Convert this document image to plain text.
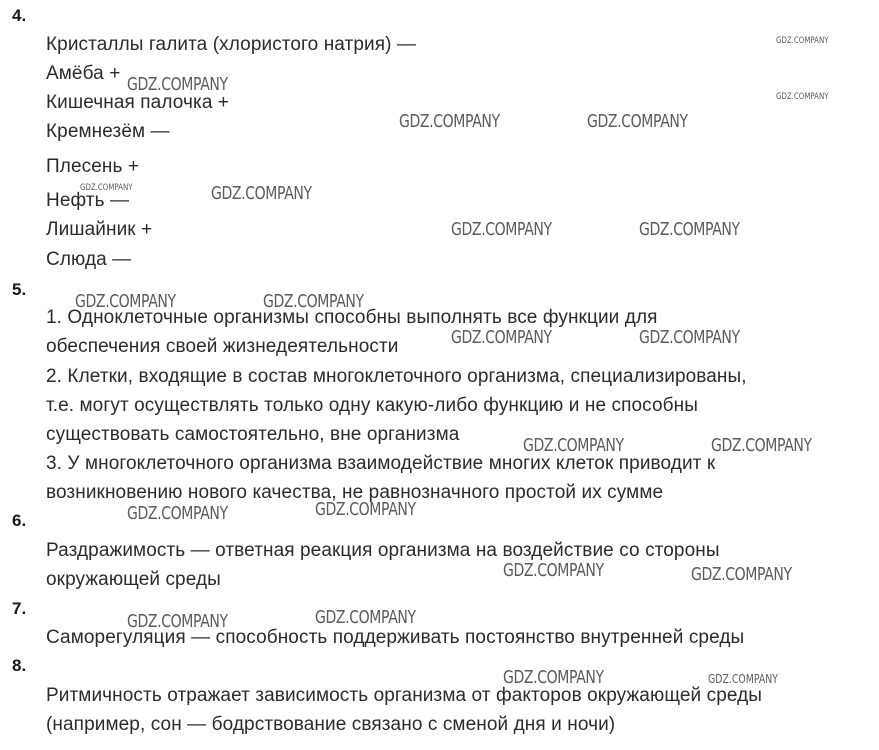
4.
Кристаллы галита (хлористого натрия) —
Амёба +
Кишечная палочка +
Кремнезём —
Плесень +
Нефть —
Лишайник +
Слюда —
5.
1. Одноклеточные организмы способны выполнять все функции для
обеспечения своей жизнедеятельности
2. Клетки, входящие в состав многоклеточного организма, специализированы,
т.е. могут осуществлять только одну какую-либо функцию и не способны
существовать самостоятельно, вне организма
3. У многоклеточного организма взаимодействие многих клеток приводит к
возникновению нового качества, не равнозначного простой их сумме
6.
Раздражимость — ответная реакция организма на воздействие со стороны
окружающей среды
7.
Саморегуляция — способность поддерживать постоянство внутренней среды
8.
Ритмичность отражает зависимость организма от факторов окружающей среды
(например, сон — бодрствование связано с сменой дня и ночи)
GDZ.COMPANY
GDZ.COMPANY
GDZ.COMPANY
GDZ.COMPANY	GDZ.COMPANY
GDZ.COMPANY	GDZ.COMPANY
GDZ.COMPANY	GDZ.COMPANY
GDZ.COMPANY	GDZ.COMPANY
GDZ.COMPANY	GDZ.COMPANY
GDZ.COMPANY	GDZ.COMPANY
GDZ.COMPANY	GDZ.COMPANY
GDZ.COMPANY	GDZ.COMPANY
GDZ.COMPANY	GDZ.COMPANY
GDZ.COMPANY	GDZ.COMPANY
